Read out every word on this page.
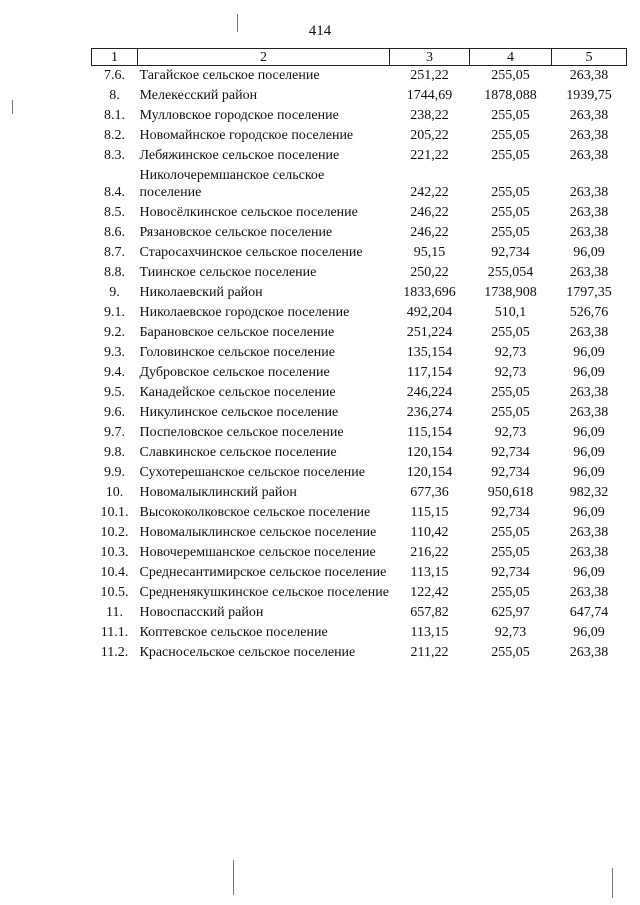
414
1	2	3	4	5
7.6.	Тагайское сельское поселение	251,22	255,05	263,38
8.	Мелекесский район	1744,69	1878,088	1939,75
8.1.	Мулловское городское поселение	238,22	255,05	263,38
8.2.	Новомайнское городское поселение	205,22	255,05	263,38
8.3.	Лебяжинское сельское поселение	221,22	255,05	263,38
8.4.	Николочеремшанское сельское поселение	242,22	255,05	263,38
8.5.	Новосёлкинское сельское поселение	246,22	255,05	263,38
8.6.	Рязановское сельское поселение	246,22	255,05	263,38
8.7.	Старосахчинское сельское поселение	95,15	92,734	96,09
8.8.	Тиинское сельское поселение	250,22	255,054	263,38
9.	Николаевский район	1833,696	1738,908	1797,35
9.1.	Николаевское городское поселение	492,204	510,1	526,76
9.2.	Барановское сельское поселение	251,224	255,05	263,38
9.3.	Головинское сельское поселение	135,154	92,73	96,09
9.4.	Дубровское сельское поселение	117,154	92,73	96,09
9.5.	Канадейское сельское поселение	246,224	255,05	263,38
9.6.	Никулинское сельское поселение	236,274	255,05	263,38
9.7.	Поспеловское сельское поселение	115,154	92,73	96,09
9.8.	Славкинское сельское поселение	120,154	92,734	96,09
9.9.	Сухотерешанское сельское поселение	120,154	92,734	96,09
10.	Новомалыклинский район	677,36	950,618	982,32
10.1.	Высококолковское сельское поселение	115,15	92,734	96,09
10.2.	Новомалыклинское сельское поселение	110,42	255,05	263,38
10.3.	Новочеремшанское сельское поселение	216,22	255,05	263,38
10.4.	Среднесантимирское сельское поселение	113,15	92,734	96,09
10.5.	Средненякушкинское сельское поселение	122,42	255,05	263,38
11.	Новоспасский район	657,82	625,97	647,74
11.1.	Коптевское сельское поселение	113,15	92,73	96,09
11.2.	Красносельское сельское поселение	211,22	255,05	263,38
